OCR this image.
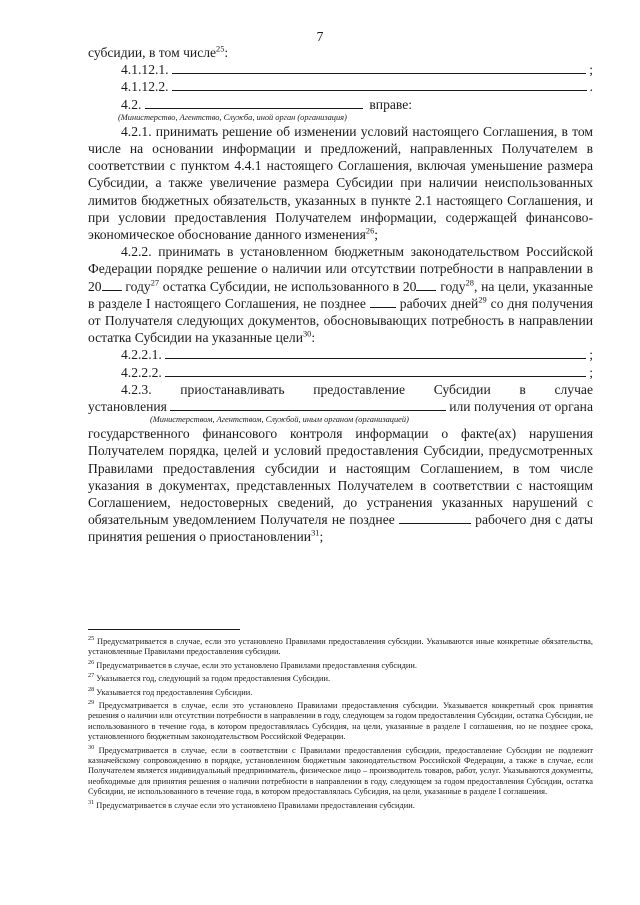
7

субсидии, в том числе$^{25}$:

4.1.12.1.	;
4.1.12.2.	.
4.2.	вправе:
(Министерство, Агентство, Служба, иной орган (организация)

4.2.1. принимать решение об изменении условий настоящего Соглашения, в том числе на основании информации и предложений, направленных Получателем в соответствии с пунктом 4.4.1 настоящего Соглашения, включая уменьшение размера Субсидии, а также увеличение размера Субсидии при наличии неиспользованных лимитов бюджетных обязательств, указанных в пункте 2.1 настоящего Соглашения, и при условии предоставления Получателем информации, содержащей финансово-экономическое обоснование данного изменения$^{26}$;

4.2.2. принимать в установленном бюджетным законодательством Российской Федерации порядке решение о наличии или отсутствии потребности в направлении в 20 году$^{27}$ остатка Субсидии, не использованного в 20 году$^{28}$, на цели, указанные в разделе I настоящего Соглашения, не позднее  рабочих дней$^{29}$ со дня получения от Получателя следующих документов, обосновывающих потребность в направлении остатка Субсидии на указанные цели$^{30}$:

4.2.2.1.	;
4.2.2.2.	;

4.2.3. приостанавливать предоставление Субсидии в случае

установления	или получения от органа
(Министерством, Агентством, Службой, иным органом (организацией)

государственного финансового контроля информации о факте(ах) нарушения Получателем порядка, целей и условий предоставления Субсидии, предусмотренных Правилами предоставления субсидии и настоящим Соглашением, в том числе указания в документах, представленных Получателем в соответствии с настоящим Соглашением, недостоверных сведений, до устранения указанных нарушений с обязательным уведомлением Получателя не позднее	рабочего дня с даты принятия решения о приостановлении$^{31}$;

$^{25}$ Предусматривается в случае, если это установлено Правилами предоставления субсидии. Указываются иные конкретные обязательства, установленные Правилами предоставления субсидии.

$^{26}$ Предусматривается в случае, если это установлено Правилами предоставления субсидии.

$^{27}$ Указывается год, следующий за годом предоставления Субсидии.

$^{28}$ Указывается год предоставления Субсидии.

$^{29}$ Предусматривается в случае, если это установлено Правилами предоставления субсидии. Указывается конкретный срок принятия решения о наличии или отсутствии потребности в направлении в году, следующем за годом предоставления Субсидии, остатка Субсидии, не использованного в течение года, в котором предоставлялась Субсидия, на цели, указанные в разделе I соглашения, но не позднее срока, установленного бюджетным законодательством Российской Федерации.

$^{30}$ Предусматривается в случае, если в соответствии с Правилами предоставления субсидии, предоставление Субсидии не подлежит казначейскому сопровождению в порядке, установленном бюджетным законодательством Российской Федерации, а также в случае, если Получателем является индивидуальный предприниматель, физическое лицо – производитель товаров, работ, услуг. Указываются документы, необходимые для принятия решения о наличии потребности в направлении в году, следующем за годом предоставления Субсидии, остатка Субсидии, не использованного в течение года, в котором предоставлялась Субсидия, на цели, указанные в разделе I соглашения.

$^{31}$ Предусматривается в случае если это установлено Правилами предоставления субсидии.
